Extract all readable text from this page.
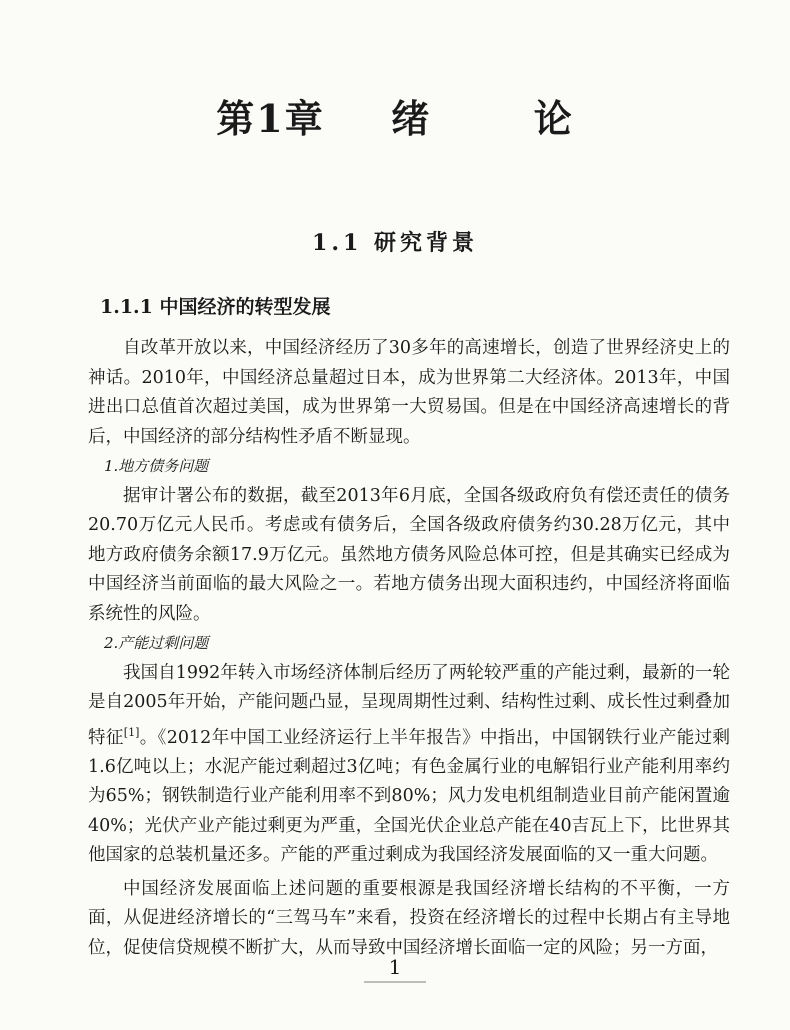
第1章 绪	论
1.1 研究背景
1.1.1 中国经济的转型发展

自改革开放以来，中国经济经历了30多年的高速增长，创造了世界经济史上的神话。2010年，中国经济总量超过日本，成为世界第二大经济体。2013年，中国进出口总值首次超过美国，成为世界第一大贸易国。但是在中国经济高速增长的背后，中国经济的部分结构性矛盾不断显现。

1.地方债务问题

据审计署公布的数据，截至2013年6月底，全国各级政府负有偿还责任的债务20.70万亿元人民币。考虑或有债务后，全国各级政府债务约30.28万亿元，其中地方政府债务余额17.9万亿元。虽然地方债务风险总体可控，但是其确实已经成为中国经济当前面临的最大风险之一。若地方债务出现大面积违约，中国经济将面临系统性的风险。

2.产能过剩问题

我国自1992年转入市场经济体制后经历了两轮较严重的产能过剩，最新的一轮是自2005年开始，产能问题凸显，呈现周期性过剩、结构性过剩、成长性过剩叠加特征[1]。《2012年中国工业经济运行上半年报告》中指出，中国钢铁行业产能过剩1.6亿吨以上；水泥产能过剩超过3亿吨；有色金属行业的电解铝行业产能利用率约为65%；钢铁制造行业产能利用率不到80%；风力发电机组制造业目前产能闲置逾40%；光伏产业产能过剩更为严重，全国光伏企业总产能在40吉瓦上下，比世界其他国家的总装机量还多。产能的严重过剩成为我国经济发展面临的又一重大问题。

中国经济发展面临上述问题的重要根源是我国经济增长结构的不平衡，一方面，从促进经济增长的“三驾马车”来看，投资在经济增长的过程中长期占有主导地位，促使信贷规模不断扩大，从而导致中国经济增长面临一定的风险；另一方面，

1
